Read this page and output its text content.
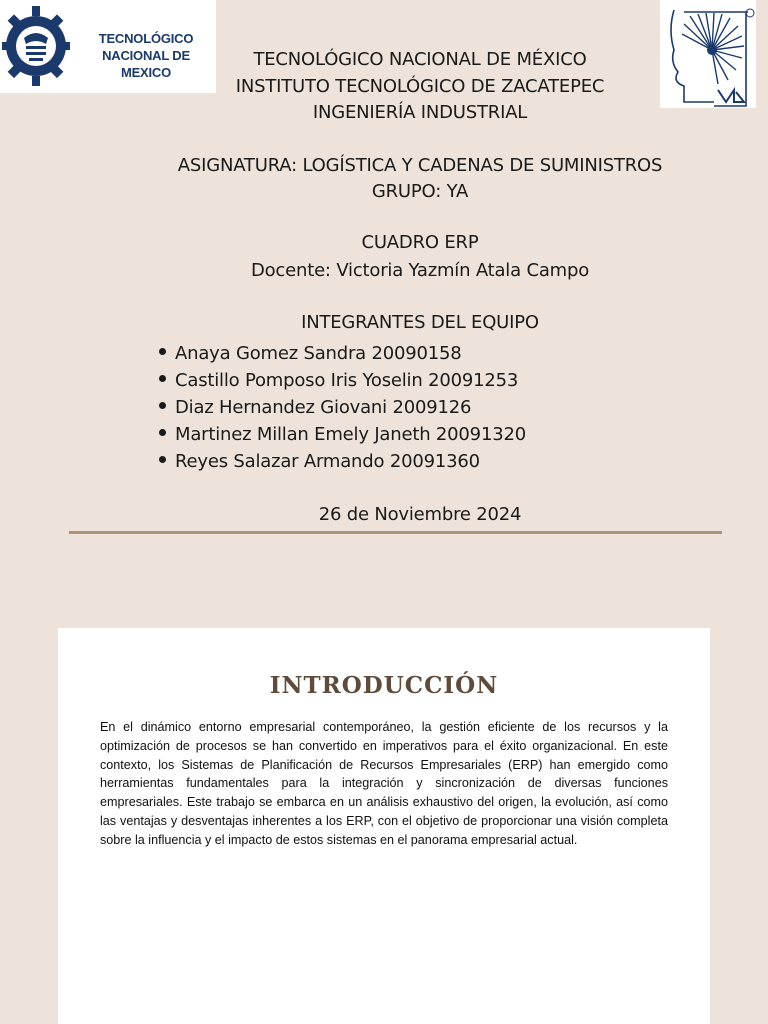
TECNOLÓGICO
NACIONAL DE MEXICO
TECNOLÓGICO NACIONAL DE MÉXICO
INSTITUTO TECNOLÓGICO DE ZACATEPEC
INGENIERÍA INDUSTRIAL
ASIGNATURA: LOGÍSTICA Y CADENAS DE SUMINISTROS
GRUPO: YA
CUADRO ERP
Docente: Victoria Yazmín Atala Campo
INTEGRANTES DEL EQUIPO
Anaya Gomez Sandra 20090158
Castillo Pomposo Iris Yoselin 20091253
Diaz Hernandez Giovani 2009126
Martinez Millan Emely Janeth 20091320
Reyes Salazar Armando 20091360
26 de Noviembre 2024
INTRODUCCIÓN

En el dinámico entorno empresarial contemporáneo, la gestión eficiente de los recursos y la optimización de procesos se han convertido en imperativos para el éxito organizacional. En este contexto, los Sistemas de Planificación de Recursos Empresariales (ERP) han emergido como herramientas fundamentales para la integración y sincronización de diversas funciones empresariales. Este trabajo se embarca en un análisis exhaustivo del origen, la evolución, así como las ventajas y desventajas inherentes a los ERP, con el objetivo de proporcionar una visión completa sobre la influencia y el impacto de estos sistemas en el panorama empresarial actual.
